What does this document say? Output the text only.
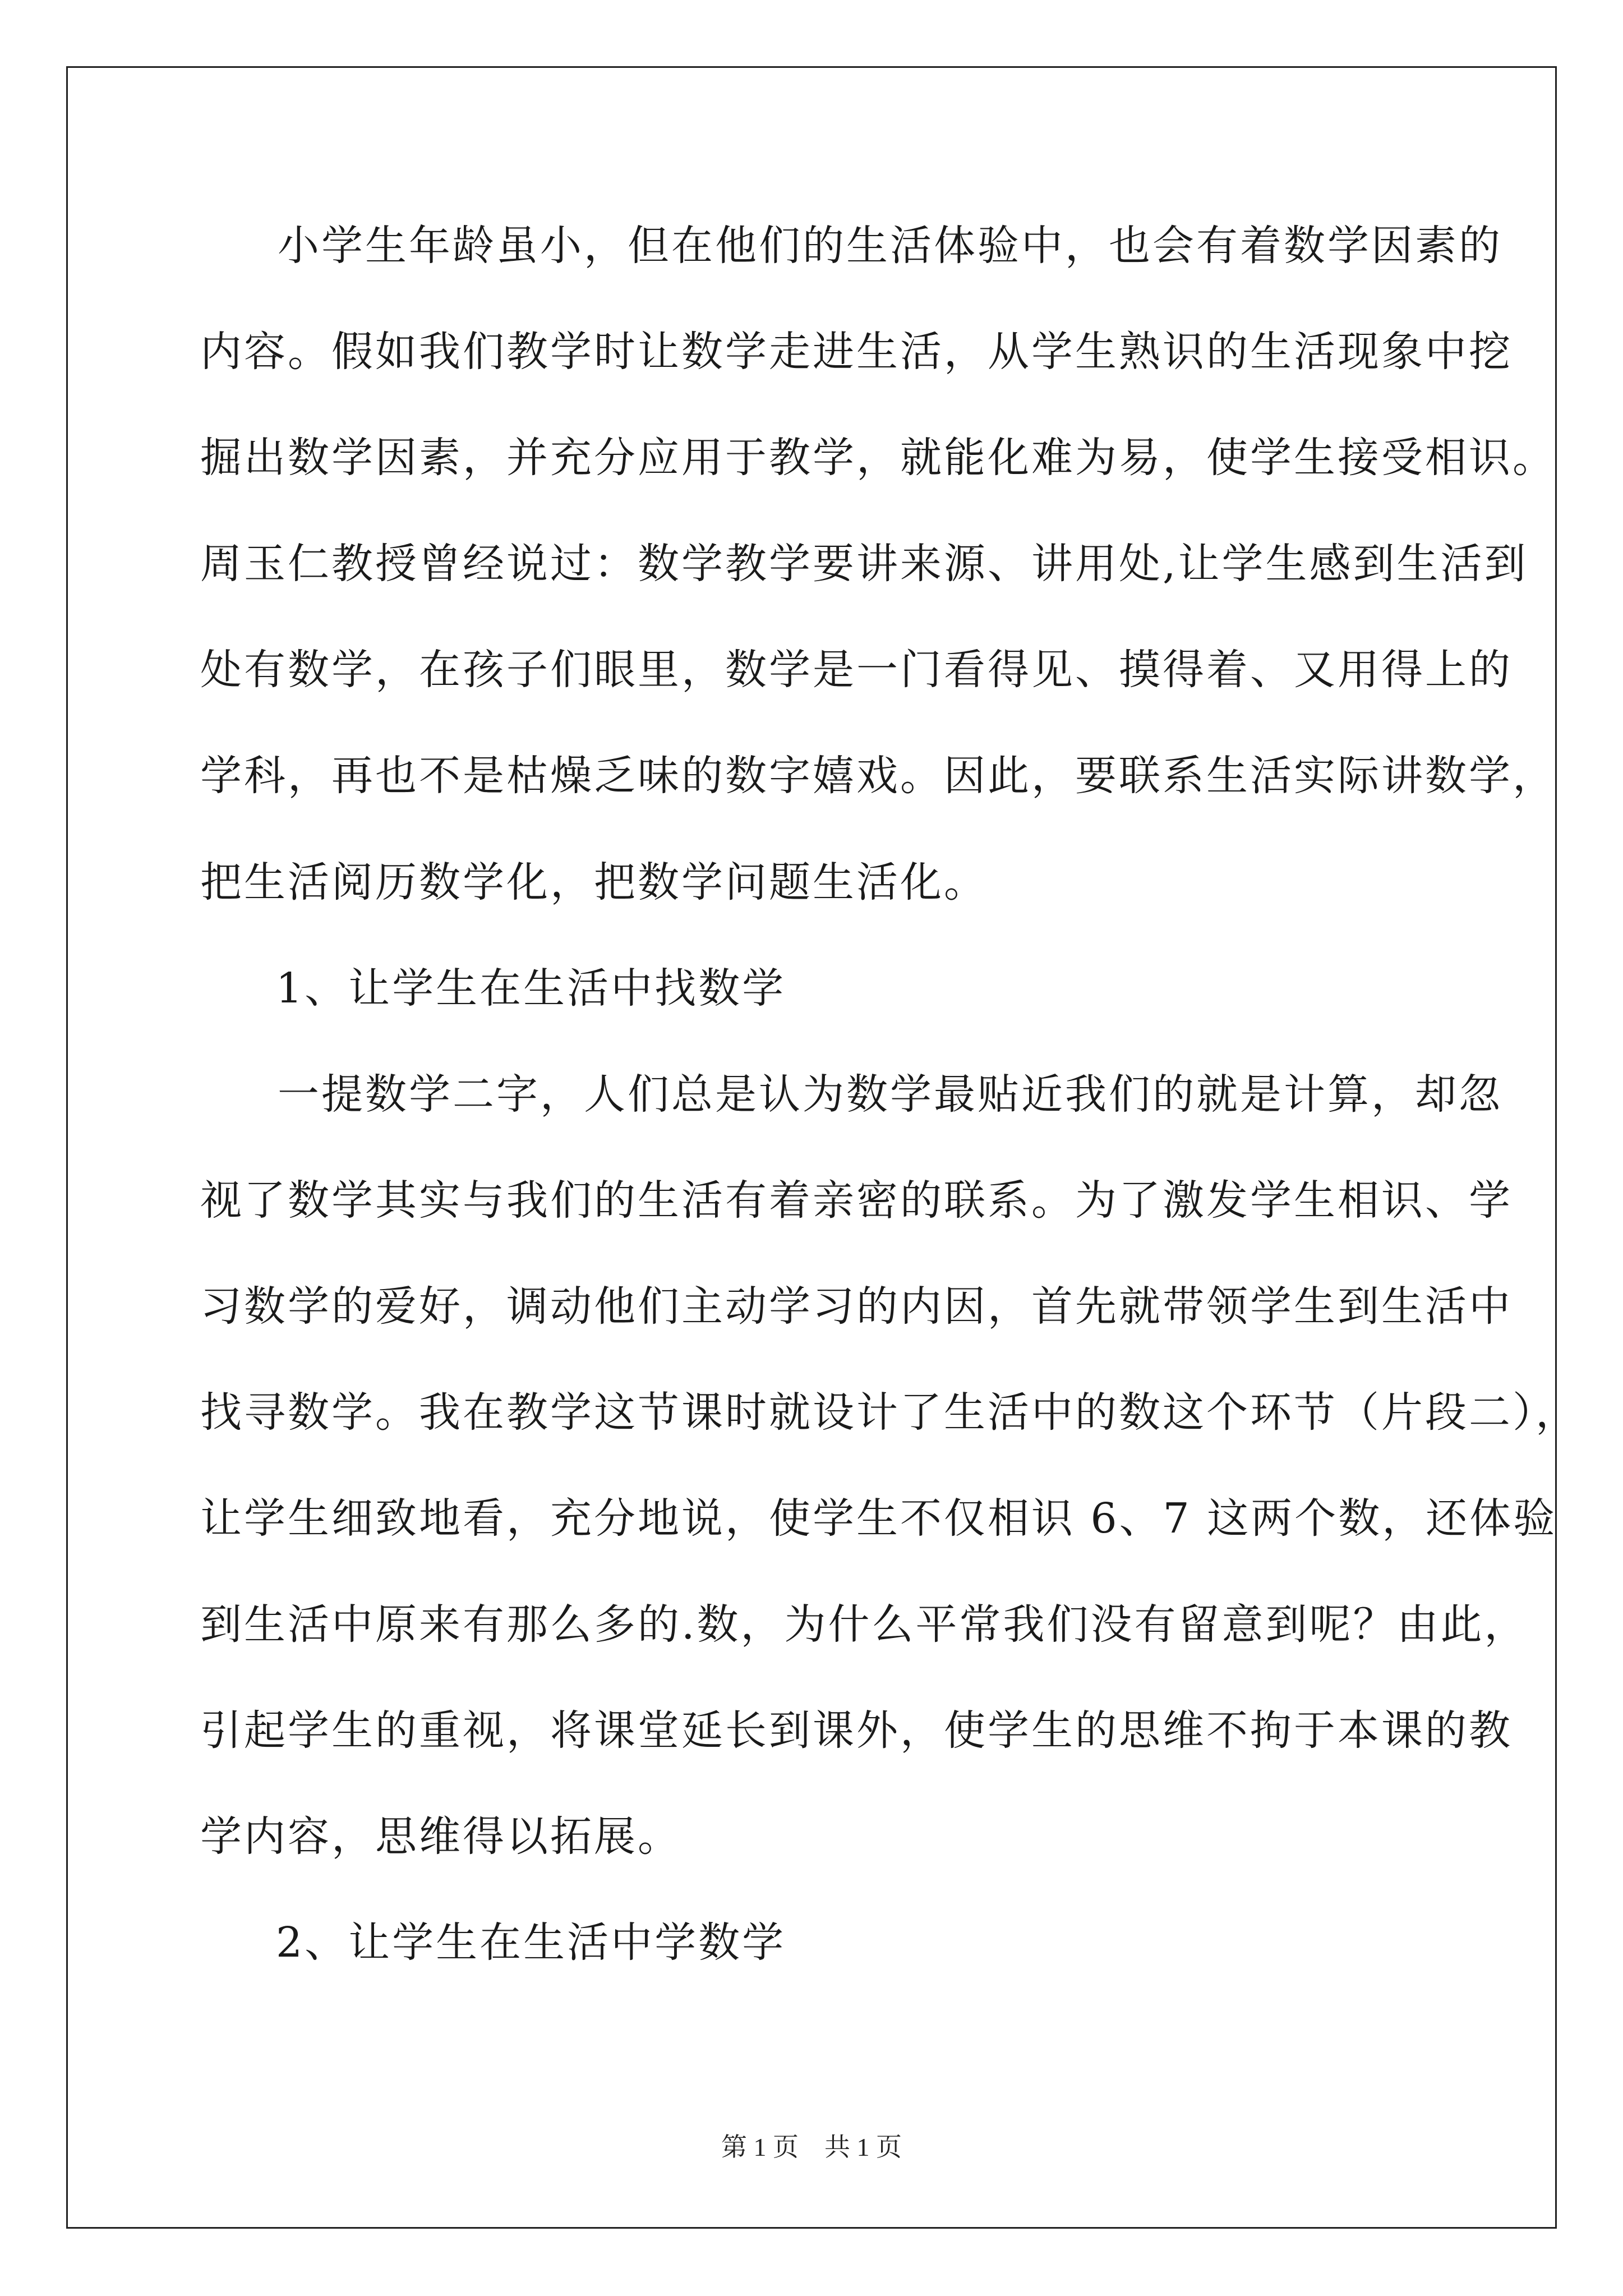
小学生年龄虽小，但在他们的生活体验中，也会有着数学因素的
内容。假如我们教学时让数学走进生活，从学生熟识的生活现象中挖
掘出数学因素，并充分应用于教学，就能化难为易，使学生接受相识。
周玉仁教授曾经说过：数学教学要讲来源、讲用处,让学生感到生活到
处有数学，在孩子们眼里，数学是一门看得见、摸得着、又用得上的
学科，再也不是枯燥乏味的数字嬉戏。因此，要联系生活实际讲数学，
把生活阅历数学化，把数学问题生活化。
1、让学生在生活中找数学
一提数学二字，人们总是认为数学最贴近我们的就是计算，却忽
视了数学其实与我们的生活有着亲密的联系。为了激发学生相识、学
习数学的爱好，调动他们主动学习的内因，首先就带领学生到生活中
找寻数学。我在教学这节课时就设计了生活中的数这个环节（片段二），
让学生细致地看，充分地说，使学生不仅相识 6、7 这两个数，还体验
到生活中原来有那么多的.数，为什么平常我们没有留意到呢？由此，
引起学生的重视，将课堂延长到课外，使学生的思维不拘于本课的教
学内容，思维得以拓展。
2、让学生在生活中学数学
第 1 页 共 1 页
